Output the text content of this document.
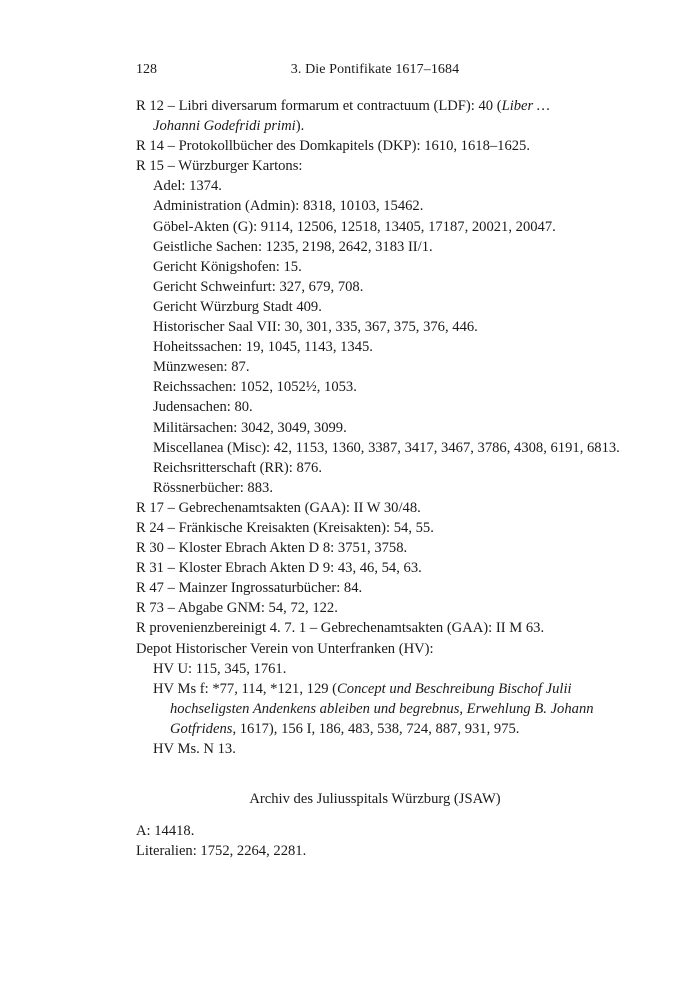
128	3. Die Pontifikate 1617–1684
R 12 – Libri diversarum formarum et contractuum (LDF): 40 (Liber …
Johanni Godefridi primi).
R 14 – Protokollbücher des Domkapitels (DKP): 1610, 1618–1625.
R 15 – Würzburger Kartons:
Adel: 1374.
Administration (Admin): 8318, 10103, 15462.
Göbel-Akten (G): 9114, 12506, 12518, 13405, 17187, 20021, 20047.
Geistliche Sachen: 1235, 2198, 2642, 3183 II/1.
Gericht Königshofen: 15.
Gericht Schweinfurt: 327, 679, 708.
Gericht Würzburg Stadt 409.
Historischer Saal VII: 30, 301, 335, 367, 375, 376, 446.
Hoheitssachen: 19, 1045, 1143, 1345.
Münzwesen: 87.
Reichssachen: 1052, 1052½, 1053.
Judensachen: 80.
Militärsachen: 3042, 3049, 3099.
Miscellanea (Misc): 42, 1153, 1360, 3387, 3417, 3467, 3786, 4308, 6191, 6813.
Reichsritterschaft (RR): 876.
Rössnerbücher: 883.
R 17 – Gebrechenamtsakten (GAA): II W 30/48.
R 24 – Fränkische Kreisakten (Kreisakten): 54, 55.
R 30 – Kloster Ebrach Akten D 8: 3751, 3758.
R 31 – Kloster Ebrach Akten D 9: 43, 46, 54, 63.
R 47 – Mainzer Ingrossaturbücher: 84.
R 73 – Abgabe GNM: 54, 72, 122.
R provenienzbereinigt 4. 7. 1 – Gebrechenamtsakten (GAA): II M 63.
Depot Historischer Verein von Unterfranken (HV):
HV U: 115, 345, 1761.
HV Ms f: *77, 114, *121, 129 (Concept und Beschreibung Bischof Julii
hochseligsten Andenkens ableiben und begrebnus, Erwehlung B. Johann
Gotfridens, 1617), 156 I, 186, 483, 538, 724, 887, 931, 975.
HV Ms. N 13.
Archiv des Juliusspitals Würzburg (JSAW)
A: 14418.
Literalien: 1752, 2264, 2281.
